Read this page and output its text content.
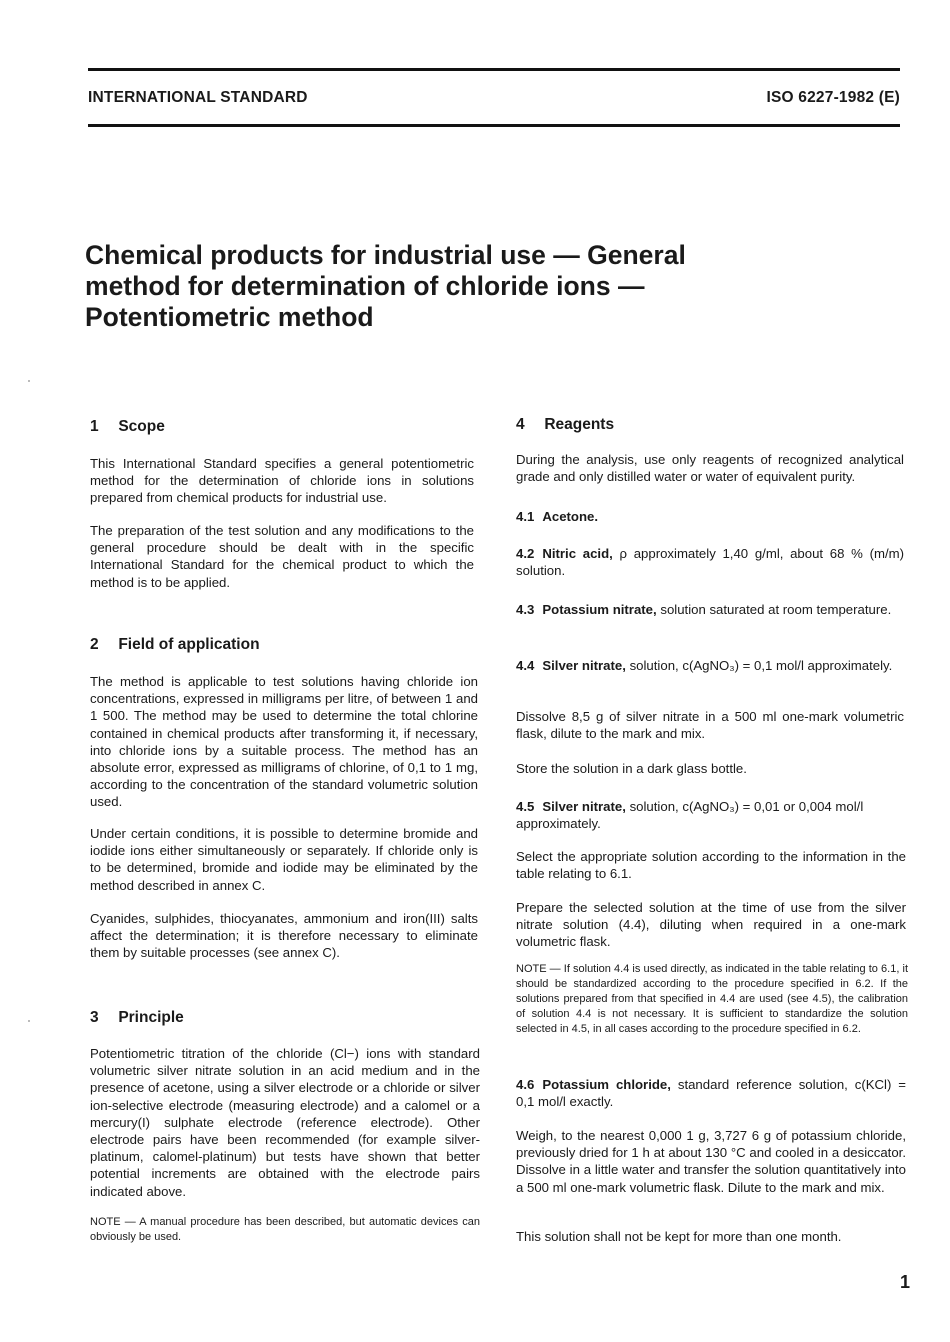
INTERNATIONAL STANDARD	ISO 6227-1982 (E)
Chemical products for industrial use — General
method for determination of chloride ions —
Potentiometric method
1 Scope

This International Standard specifies a general potentiometric method for the determination of chloride ions in solutions prepared from chemical products for industrial use.

The preparation of the test solution and any modifications to the general procedure should be dealt with in the specific International Standard for the chemical product to which the method is to be applied.

2 Field of application

The method is applicable to test solutions having chloride ion concentrations, expressed in milligrams per litre, of between 1 and 1 500. The method may be used to determine the total chlorine contained in chemical products after transforming it, if necessary, into chloride ions by a suitable process. The method has an absolute error, expressed as milligrams of chlorine, of 0,1 to 1 mg, according to the concentration of the standard volumetric solution used.

Under certain conditions, it is possible to determine bromide and iodide ions either simultaneously or separately. If chloride only is to be determined, bromide and iodide may be eliminated by the method described in annex C.

Cyanides, sulphides, thiocyanates, ammonium and iron(III) salts affect the determination; it is therefore necessary to eliminate them by suitable processes (see annex C).

3 Principle

Potentiometric titration of the chloride (Cl−) ions with standard volumetric silver nitrate solution in an acid medium and in the presence of acetone, using a silver electrode or a chloride or silver ion-selective electrode (measuring electrode) and a calomel or a mercury(I) sulphate electrode (reference electrode). Other electrode pairs have been recommended (for example silver-platinum, calomel-platinum) but tests have shown that better potential increments are obtained with the electrode pairs indicated above.

NOTE — A manual procedure has been described, but automatic devices can obviously be used.

4 Reagents

During the analysis, use only reagents of recognized analytical grade and only distilled water or water of equivalent purity.

4.1 Acetone.

4.2 Nitric acid, ρ approximately 1,40 g/ml, about 68 % (m/m) solution.

4.3 Potassium nitrate, solution saturated at room temperature.

4.4 Silver nitrate, solution, c(AgNO₃) = 0,1 mol/l approximately.

Dissolve 8,5 g of silver nitrate in a 500 ml one-mark volumetric flask, dilute to the mark and mix.

Store the solution in a dark glass bottle.

4.5 Silver nitrate, solution, c(AgNO₃) = 0,01 or 0,004 mol/l approximately.

Select the appropriate solution according to the information in the table relating to 6.1.

Prepare the selected solution at the time of use from the silver nitrate solution (4.4), diluting when required in a one-mark volumetric flask.

NOTE — If solution 4.4 is used directly, as indicated in the table relating to 6.1, it should be standardized according to the procedure specified in 6.2. If the solutions prepared from that specified in 4.4 are used (see 4.5), the calibration of solution 4.4 is not necessary. It is sufficient to standardize the solution selected in 4.5, in all cases according to the procedure specified in 6.2.

4.6 Potassium chloride, standard reference solution, c(KCl) = 0,1 mol/l exactly.

Weigh, to the nearest 0,000 1 g, 3,727 6 g of potassium chloride, previously dried for 1 h at about 130 °C and cooled in a desiccator. Dissolve in a little water and transfer the solution quantitatively into a 500 ml one-mark volumetric flask. Dilute to the mark and mix.

This solution shall not be kept for more than one month.

1
